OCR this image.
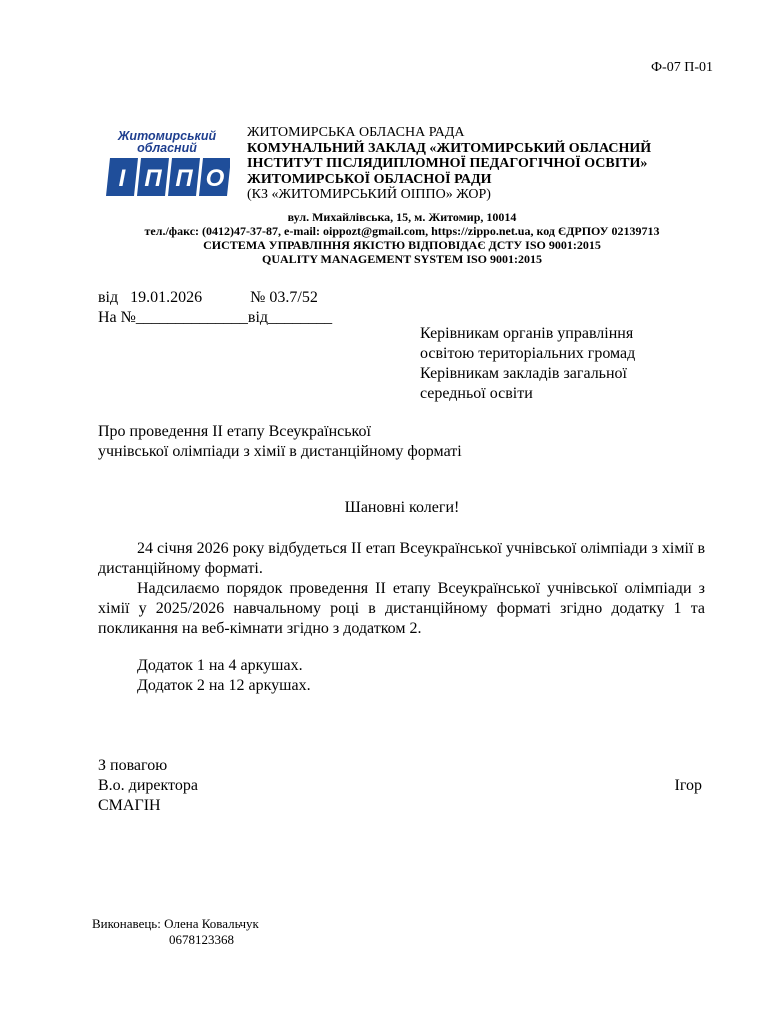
Ф-07 П-01
Житомирський
обласний
І П П О
ЖИТОМИРСЬКА ОБЛАСНА РАДА
КОМУНАЛЬНИЙ ЗАКЛАД «ЖИТОМИРСЬКИЙ ОБЛАСНИЙ
ІНСТИТУТ ПІСЛЯДИПЛОМНОЇ ПЕДАГОГІЧНОЇ ОСВІТИ»
ЖИТОМИРСЬКОЇ ОБЛАСНОЇ РАДИ
(КЗ «ЖИТОМИРСЬКИЙ ОІППО» ЖОР)
вул. Михайлівська, 15, м. Житомир, 10014
тел./факс: (0412)47-37-87, e-mail: oippozt@gmail.com, https://zippo.net.ua, код ЄДРПОУ 02139713
СИСТЕМА УПРАВЛІННЯ ЯКІСТЮ ВІДПОВІДАЄ ДСТУ ISO 9001:2015
QUALITY MANAGEMENT SYSTEM ISO 9001:2015
від   19.01.2026            № 03.7/52
На №______________від________
Керівникам органів управління
освітою територіальних громад
Керівникам закладів загальної
середньої освіти
Про проведення ІІ етапу Всеукраїнської
учнівської олімпіади з хімії в дистанційному форматі
Шановні колеги!

24 січня 2026 року відбудеться ІІ етап Всеукраїнської учнівської олімпіади з хімії в дистанційному форматі.

Надсилаємо порядок проведення ІІ етапу Всеукраїнської учнівської олімпіади з хімії у 2025/2026 навчальному році в дистанційному форматі згідно додатку 1 та покликання на веб-кімнати згідно з додатком 2.

Додаток 1 на 4 аркушах.
Додаток 2 на 12 аркушах.
З повагою
В.о. директора	Ігор
СМАГІН
Виконавець: Олена Ковальчук
0678123368
